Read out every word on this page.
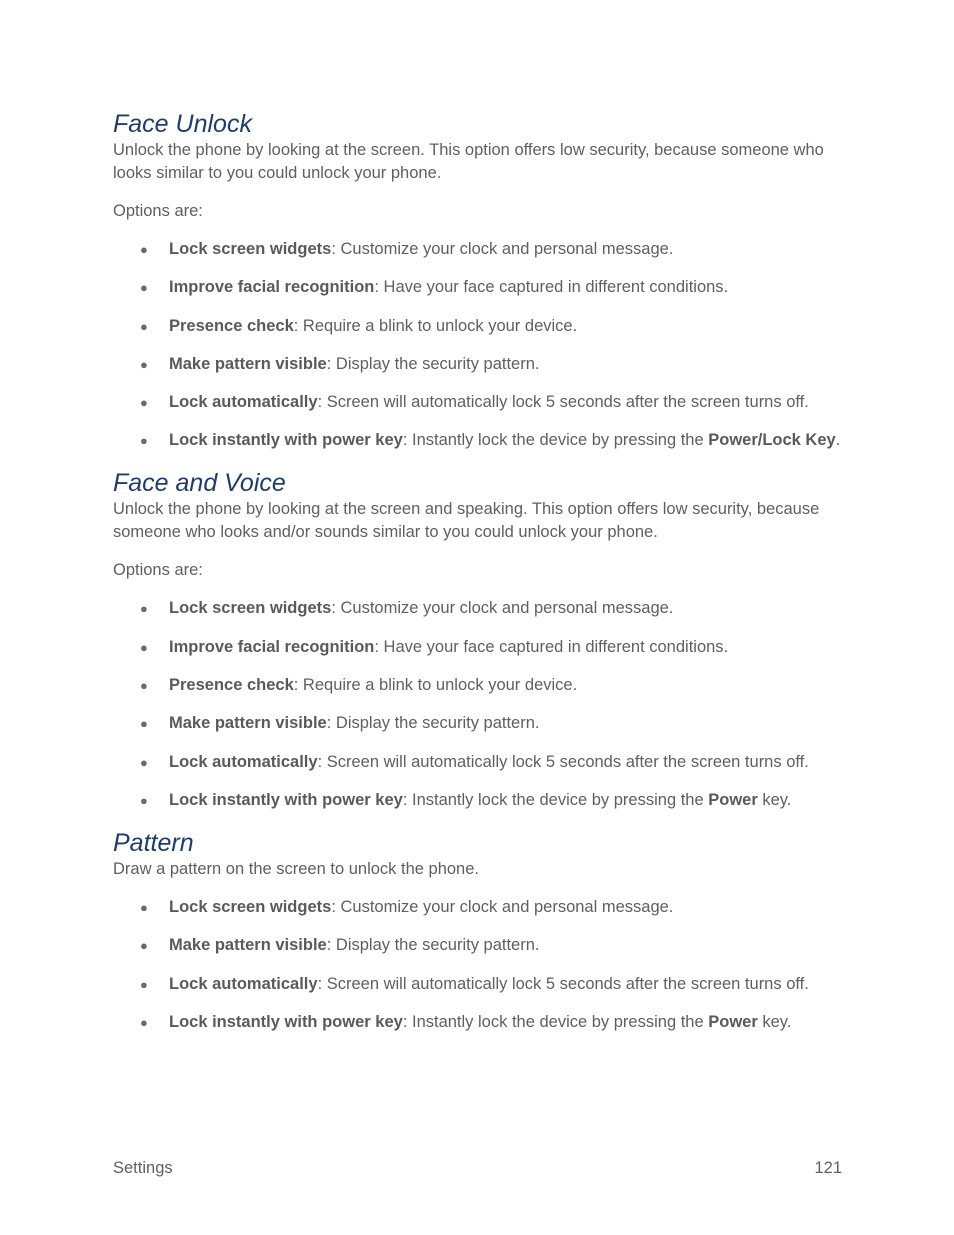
Face Unlock

Unlock the phone by looking at the screen. This option offers low security, because someone who looks similar to you could unlock your phone.

Options are:

● Lock screen widgets: Customize your clock and personal message.
● Improve facial recognition: Have your face captured in different conditions.
● Presence check: Require a blink to unlock your device.
● Make pattern visible: Display the security pattern.
● Lock automatically: Screen will automatically lock 5 seconds after the screen turns off.
● Lock instantly with power key: Instantly lock the device by pressing the Power/Lock Key.
Face and Voice

Unlock the phone by looking at the screen and speaking. This option offers low security, because someone who looks and/or sounds similar to you could unlock your phone.

Options are:

● Lock screen widgets: Customize your clock and personal message.
● Improve facial recognition: Have your face captured in different conditions.
● Presence check: Require a blink to unlock your device.
● Make pattern visible: Display the security pattern.
● Lock automatically: Screen will automatically lock 5 seconds after the screen turns off.
● Lock instantly with power key: Instantly lock the device by pressing the Power key.
Pattern

Draw a pattern on the screen to unlock the phone.

● Lock screen widgets: Customize your clock and personal message.
● Make pattern visible: Display the security pattern.
● Lock automatically: Screen will automatically lock 5 seconds after the screen turns off.
● Lock instantly with power key: Instantly lock the device by pressing the Power key.
Settings	121
